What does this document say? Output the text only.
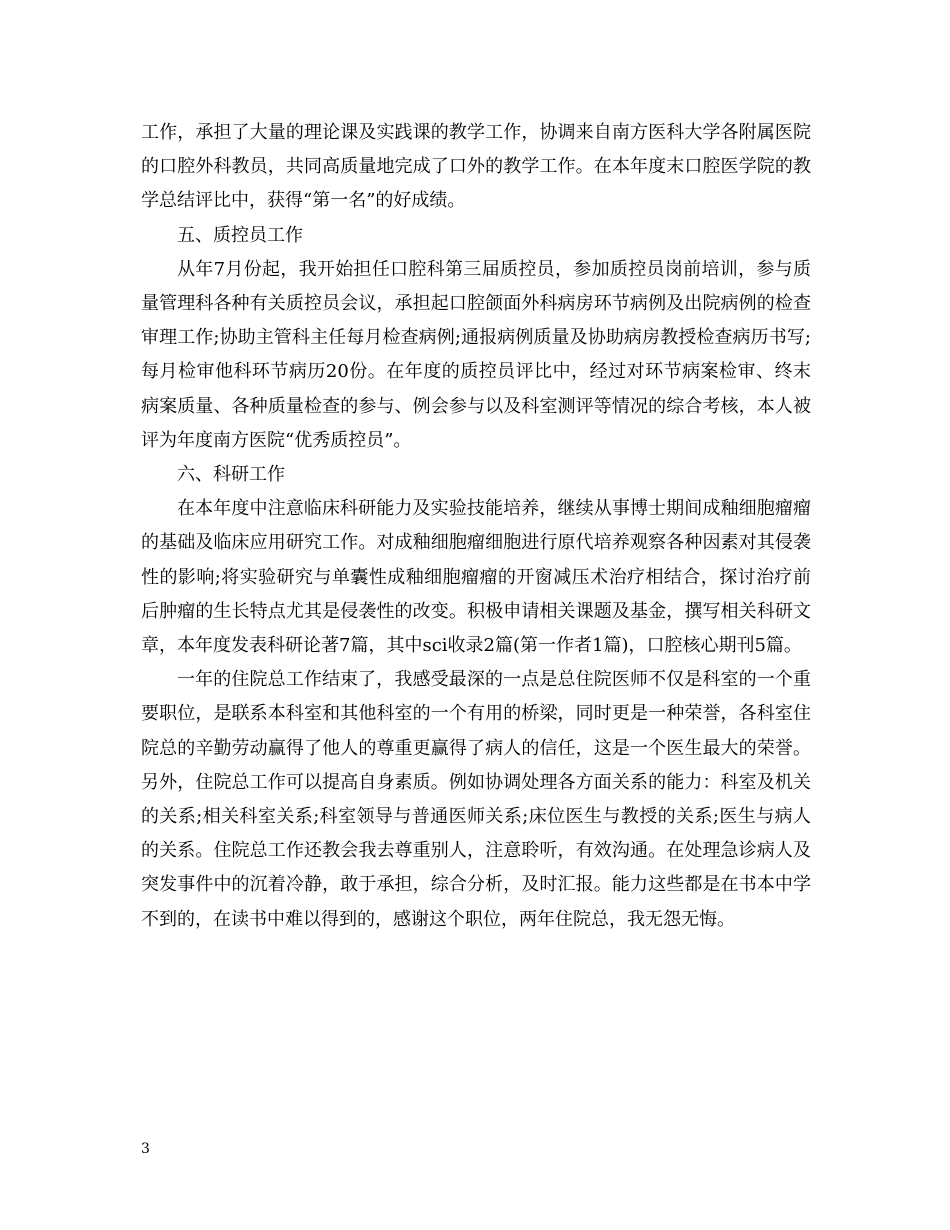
工作，承担了大量的理论课及实践课的教学工作，协调来自南方医科大学各附属医院的口腔外科教员，共同高质量地完成了口外的教学工作。在本年度末口腔医学院的教学总结评比中，获得“第一名”的好成绩。

五、质控员工作

从年7月份起，我开始担任口腔科第三届质控员，参加质控员岗前培训，参与质量管理科各种有关质控员会议，承担起口腔颌面外科病房环节病例及出院病例的检查审理工作;协助主管科主任每月检查病例;通报病例质量及协助病房教授检查病历书写;每月检审他科环节病历20份。在年度的质控员评比中，经过对环节病案检审、终末病案质量、各种质量检查的参与、例会参与以及科室测评等情况的综合考核，本人被评为年度南方医院“优秀质控员”。

六、科研工作

在本年度中注意临床科研能力及实验技能培养，继续从事博士期间成釉细胞瘤瘤的基础及临床应用研究工作。对成釉细胞瘤细胞进行原代培养观察各种因素对其侵袭性的影响;将实验研究与单囊性成釉细胞瘤瘤的开窗减压术治疗相结合，探讨治疗前后肿瘤的生长特点尤其是侵袭性的改变。积极申请相关课题及基金，撰写相关科研文章，本年度发表科研论著7篇，其中sci收录2篇(第一作者1篇)，口腔核心期刊5篇。

一年的住院总工作结束了，我感受最深的一点是总住院医师不仅是科室的一个重要职位，是联系本科室和其他科室的一个有用的桥梁，同时更是一种荣誉，各科室住院总的辛勤劳动赢得了他人的尊重更赢得了病人的信任，这是一个医生最大的荣誉。另外，住院总工作可以提高自身素质。例如协调处理各方面关系的能力：科室及机关的关系;相关科室关系;科室领导与普通医师关系;床位医生与教授的关系;医生与病人的关系。住院总工作还教会我去尊重别人，注意聆听，有效沟通。在处理急诊病人及突发事件中的沉着冷静，敢于承担，综合分析，及时汇报。能力这些都是在书本中学不到的，在读书中难以得到的，感谢这个职位，两年住院总，我无怨无悔。

3
